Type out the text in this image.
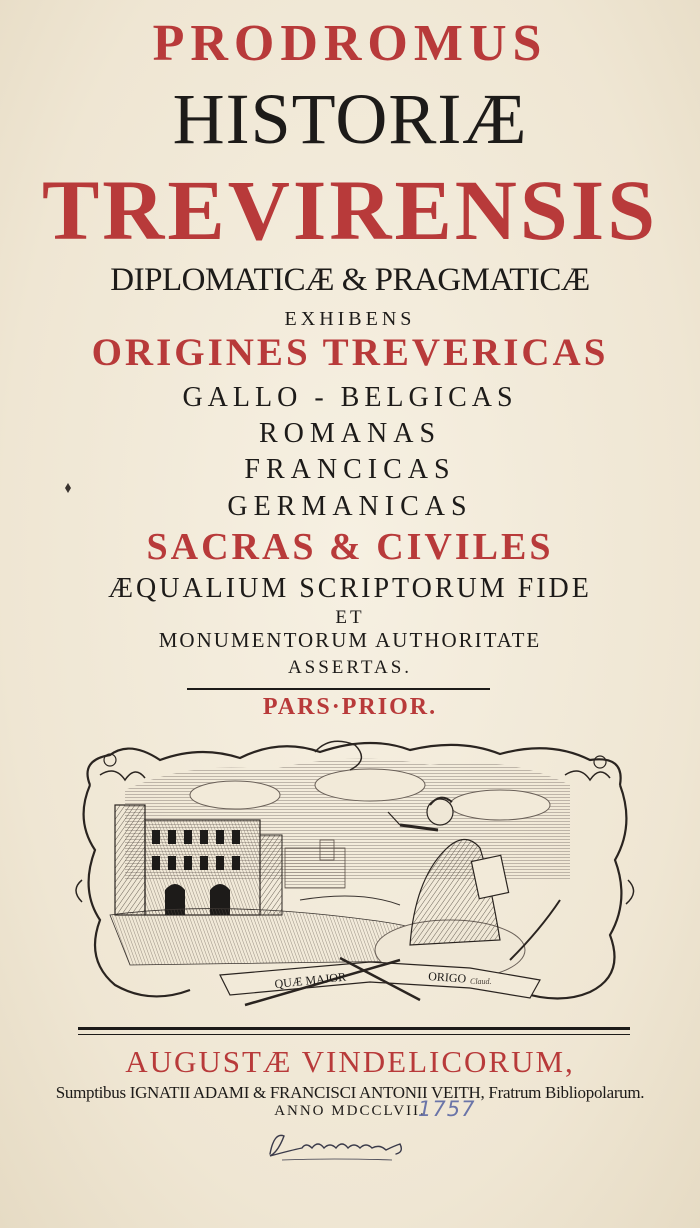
PRODROMUS
HISTORIÆ
TREVIRENSIS
DIPLOMATICÆ & PRAGMATICÆ
EXHIBENS
ORIGINES TREVERICAS
GALLO - BELGICAS
ROMANAS
FRANCICAS
GERMANICAS
SACRAS & CIVILES
ÆQUALIUM SCRIPTORUM FIDE
ET
MONUMENTORUM AUTHORITATE
ASSERTAS.
PARS·PRIOR.
QUÆ MAJOR	ORIGO Claud.
AUGUSTÆ VINDELICORUM,
Sumptibus IGNATII ADAMI & FRANCISCI ANTONII VEITH, Fratrum Bibliopolarum.
ANNO MDCCLVII.
1757
